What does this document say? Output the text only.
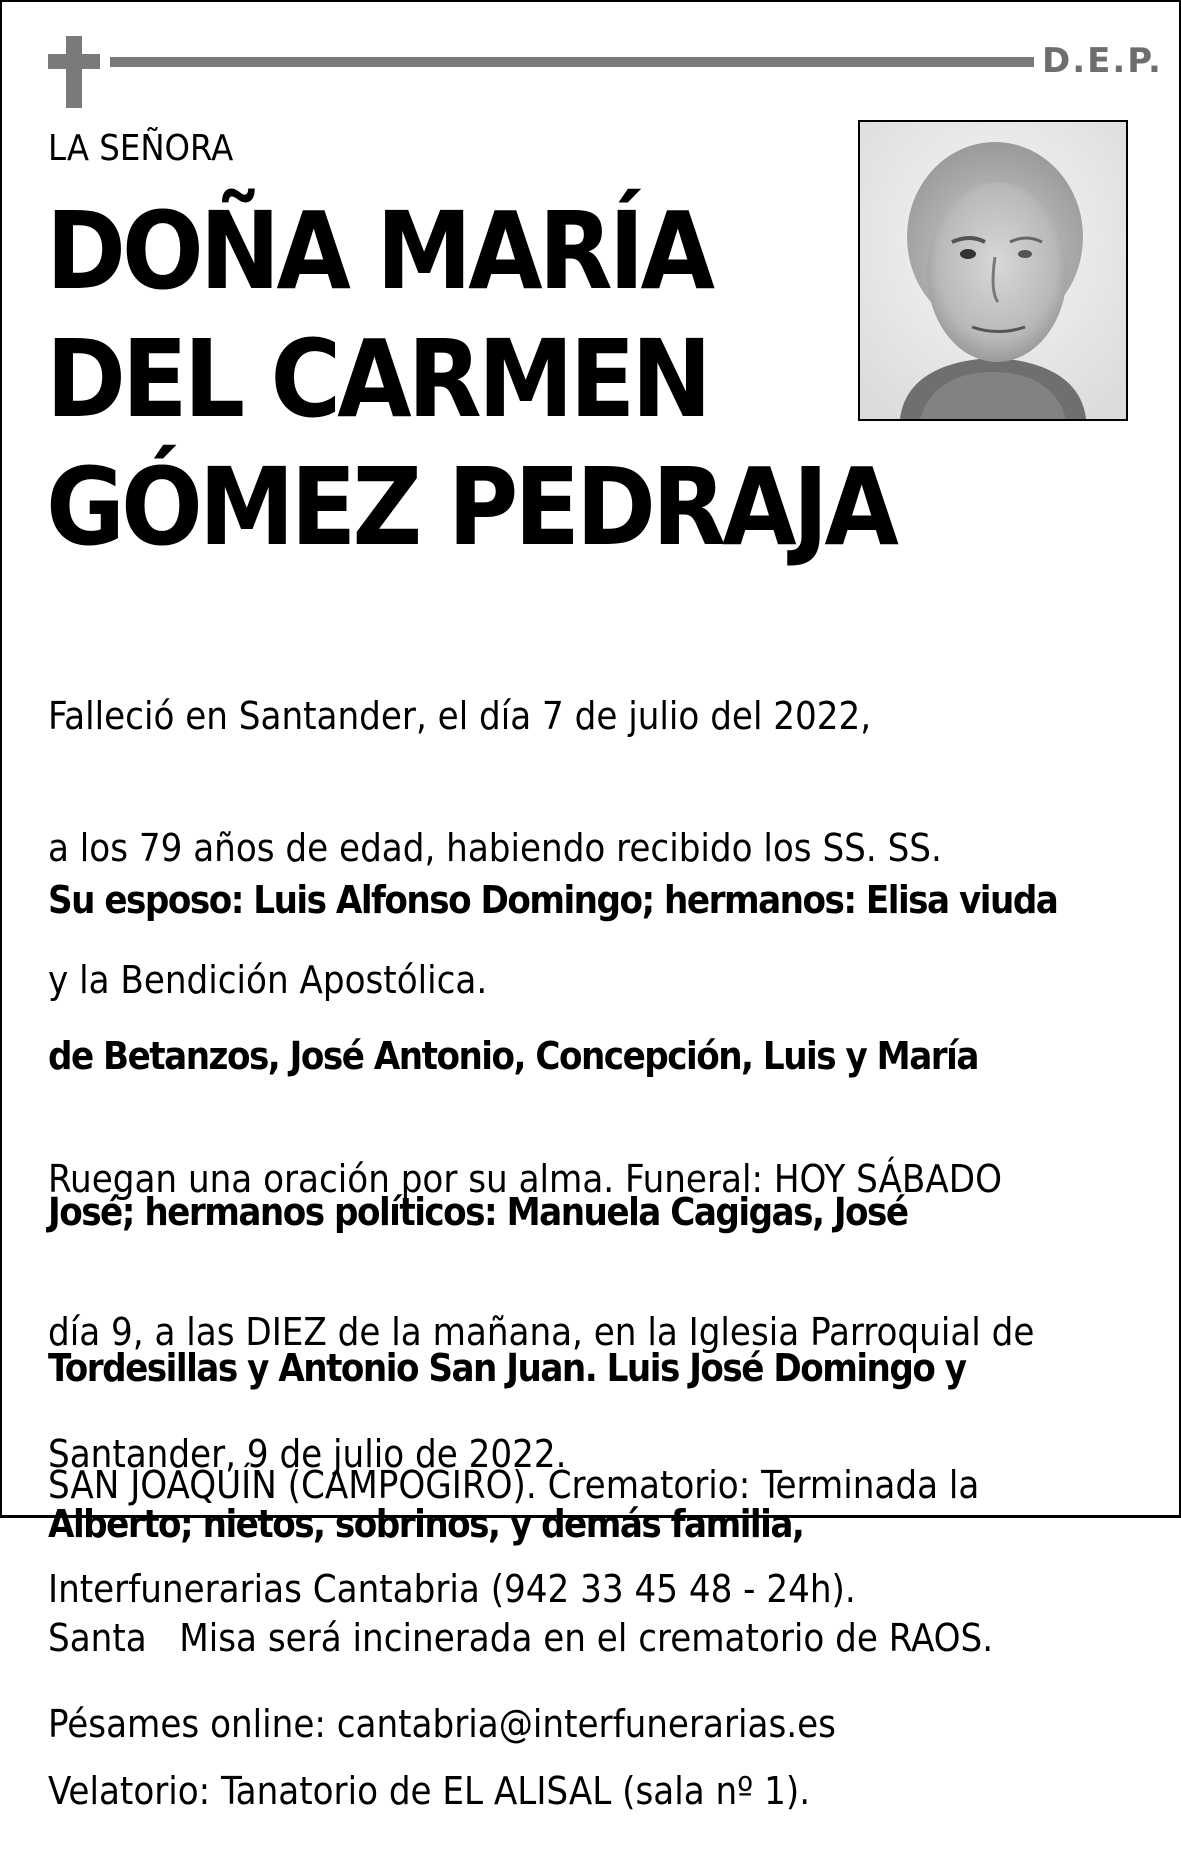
D.E.P.
LA SEÑORA
DOÑA MARÍA
DEL CARMEN
GÓMEZ PEDRAJA

Falleció en Santander, el día 7 de julio del 2022,

a los 79 años de edad, habiendo recibido los SS. SS.

y la Bendición Apostólica.

Su esposo: Luis Alfonso Domingo; hermanos: Elisa viuda

de Betanzos, José Antonio, Concepción, Luis y María

José; hermanos políticos: Manuela Cagigas, José

Tordesillas y Antonio San Juan. Luis José Domingo y

Alberto; nietos, sobrinos, y demás familia,

Ruegan una oración por su alma. Funeral: HOY SÁBADO

día 9, a las DIEZ de la mañana, en la Iglesia Parroquial de

SAN JOAQUÍN (CAMPOGIRO). Crematorio: Terminada la

Santa   Misa será incinerada en el crematorio de RAOS.

Velatorio: Tanatorio de EL ALISAL (sala nº 1).

Santander, 9 de julio de 2022.

Interfunerarias Cantabria (942 33 45 48 - 24h).

Pésames online: cantabria@interfunerarias.es
